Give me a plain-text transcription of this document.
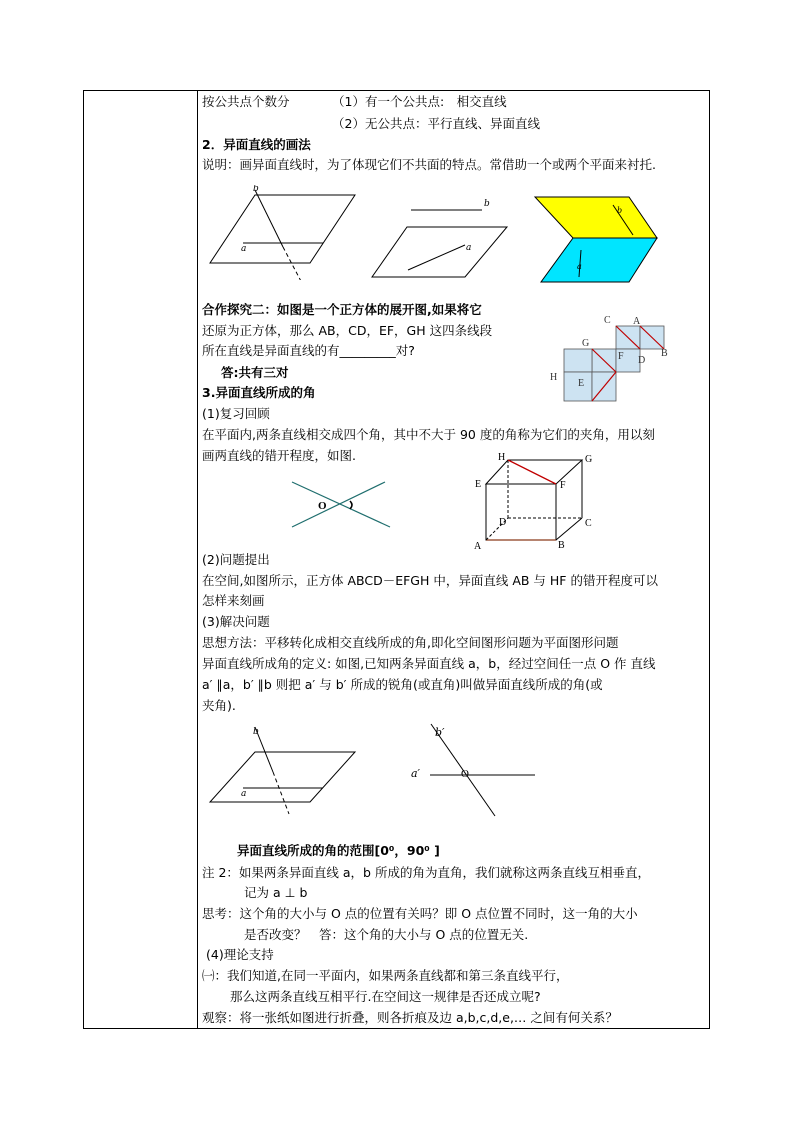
按公共点个数分	（1）有一个公共点:　相交直线
（2）无公共点：平行直线、异面直线
2．异面直线的画法
说明：画异面直线时，为了体现它们不共面的特点。常借助一个或两个平面来衬托.
a
b
b
a
b
a
合作探究二：如图是一个正方体的展开图,如果将它
还原为正方体，那么 AB，CD，EF，GH 这四条线段
所在直线是异面直线的有_________对?
答:共有三对
3.异面直线所成的角
C A
G
D
B
H
E
F
(1)复习回顾
在平面内,两条直线相交成四个角，其中不大于 90 度的角称为它们的夹角，用以刻
画两直线的错开程度，如图.
O
H	G
E	F
D	C
A	B
(2)问题提出
在空间,如图所示，正方体 ABCD－EFGH 中，异面直线 AB 与 HF 的错开程度可以
怎样来刻画
(3)解决问题
思想方法：平移转化成相交直线所成的角,即化空间图形问题为平面图形问题
异面直线所成角的定义: 如图,已知两条异面直线 a，b，经过空间任一点 O 作 直线
a′ ∥a，b′ ∥b 则把 a′ 与 b′ 所成的锐角(或直角)叫做异面直线所成的角(或
夹角).
a
b	b′
a′	O
异面直线所成的角的范围[0⁰，90⁰ ]
注 2：如果两条异面直线 a，b 所成的角为直角，我们就称这两条直线互相垂直，
记为 a ⊥ b
思考：这个角的大小与 O 点的位置有关吗？即 O 点位置不同时，这一角的大小
是否改变？　答：这个角的大小与 O 点的位置无关.
(4)理论支持
㈠：我们知道,在同一平面内，如果两条直线都和第三条直线平行，
那么这两条直线互相平行.在空间这一规律是否还成立呢?
观察：将一张纸如图进行折叠，则各折痕及边 a,b,c,d,e,… 之间有何关系？
